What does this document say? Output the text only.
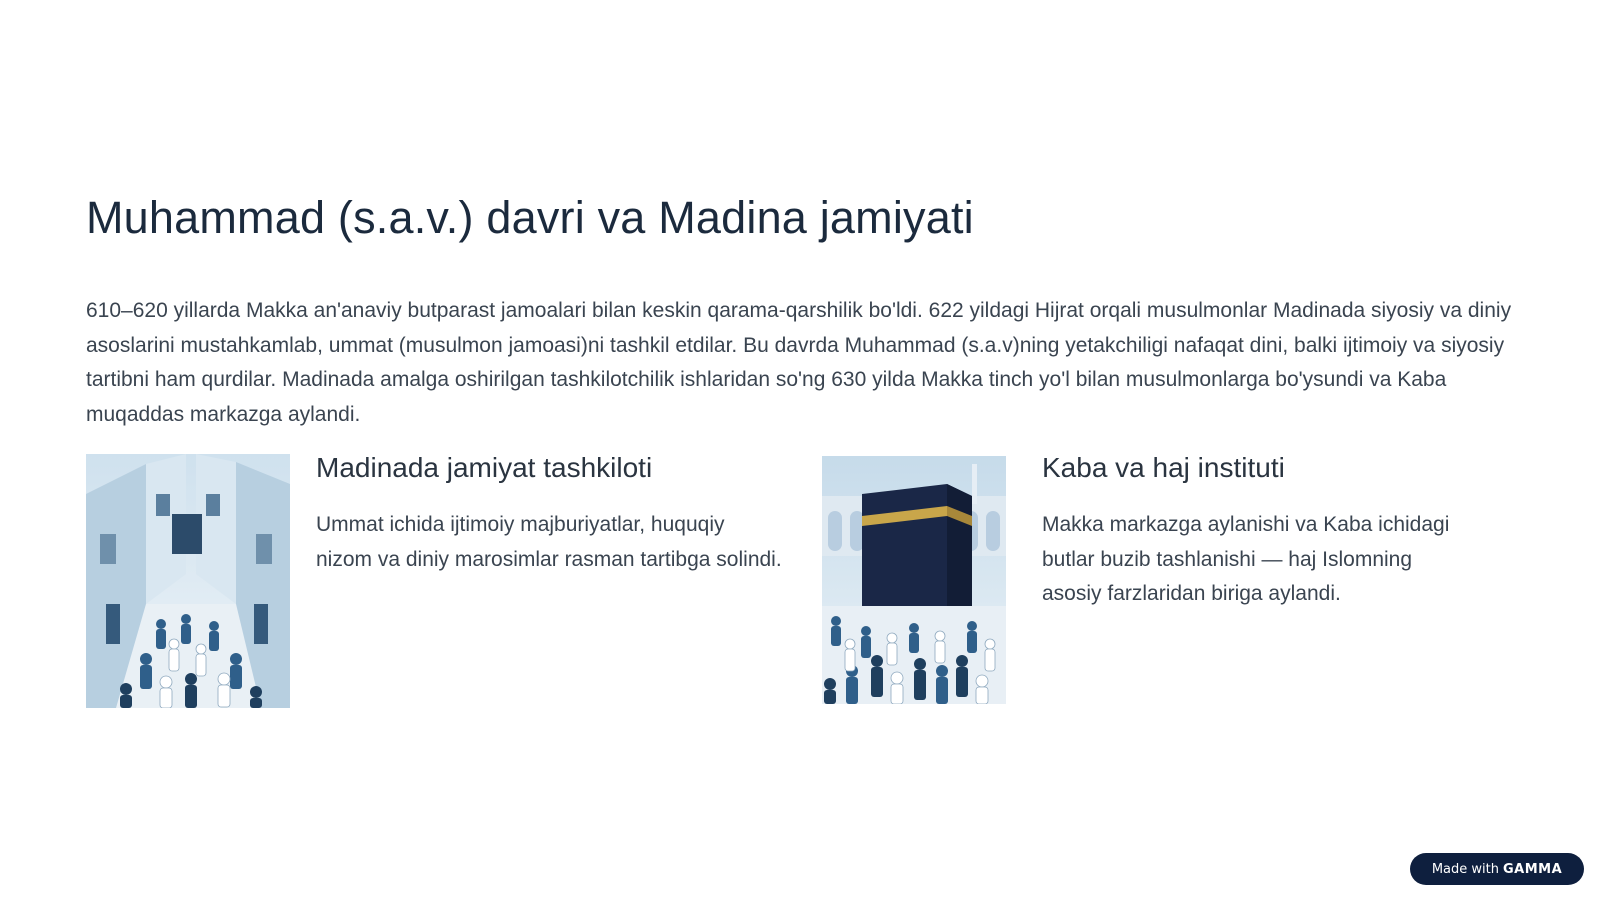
Muhammad (s.a.v.) davri va Madina jamiyati

610–620 yillarda Makka an'anaviy butparast jamoalari bilan keskin qarama-qarshilik bo'ldi. 622 yildagi Hijrat orqali musulmonlar Madinada siyosiy va diniy asoslarini mustahkamlab, ummat (musulmon jamoasi)ni tashkil etdilar. Bu davrda Muhammad (s.a.v)ning yetakchiligi nafaqat dini, balki ijtimoiy va siyosiy tartibni ham qurdilar. Madinada amalga oshirilgan tashkilotchilik ishlaridan so'ng 630 yilda Makka tinch yo'l bilan musulmonlarga bo'ysundi va Kaba muqaddas markazga aylandi.

Madinada jamiyat tashkiloti

Ummat ichida ijtimoiy majburiyatlar, huquqiy nizom va diniy marosimlar rasman tartibga solindi.

Kaba va haj instituti

Makka markazga aylanishi va Kaba ichidagi butlar buzib tashlanishi — haj Islomning asosiy farzlaridan biriga aylandi.

Made with GAMMA
